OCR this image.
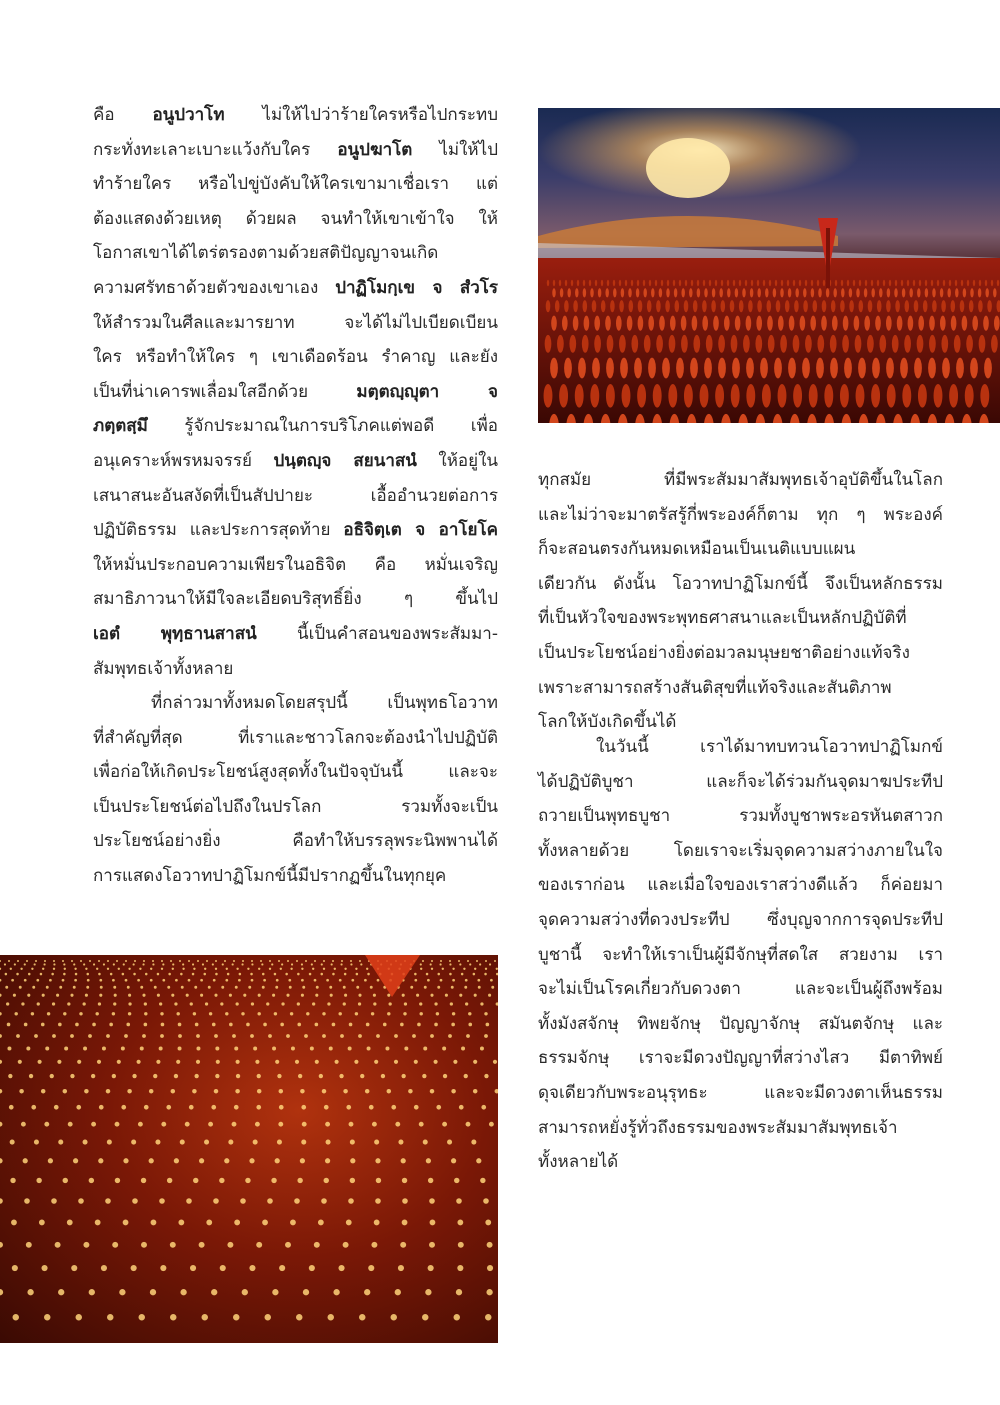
คือ อนูปวาโท ไม่ให้ไปว่าร้ายใครหรือไปกระทบ
กระทั่งทะเลาะเบาะแว้งกับใคร อนูปฆาโต ไม่ให้ไป
ทำร้ายใคร หรือไปขู่บังคับให้ใครเขามาเชื่อเรา แต่
ต้องแสดงด้วยเหตุ ด้วยผล จนทำให้เขาเข้าใจ ให้
โอกาสเขาได้ไตร่ตรองตามด้วยสติปัญญาจนเกิด
ความศรัทธาด้วยตัวของเขาเอง ปาฏิโมกฺเข จ สํวโร
ให้สำรวมในศีลและมารยาท จะได้ไม่ไปเบียดเบียน
ใคร หรือทำให้ใคร ๆ เขาเดือดร้อน รำคาญ และยัง
เป็นที่น่าเคารพเลื่อมใสอีกด้วย มตฺตญฺญุตา จ
ภตฺตสฺมึ รู้จักประมาณในการบริโภคแต่พอดี เพื่อ
อนุเคราะห์พรหมจรรย์ ปนฺตญฺจ สยนาสนํ ให้อยู่ใน
เสนาสนะอันสงัดที่เป็นสัปปายะ เอื้ออำนวยต่อการ
ปฏิบัติธรรม และประการสุดท้าย อธิจิตฺเต จ อาโยโค
ให้หมั่นประกอบความเพียรในอธิจิต คือ หมั่นเจริญ
สมาธิภาวนาให้มีใจละเอียดบริสุทธิ์ยิ่ง ๆ ขึ้นไป
เอตํ พุทฺธานสาสนํ นี้เป็นคำสอนของพระสัมมา-
สัมพุทธเจ้าทั้งหลาย
ที่กล่าวมาทั้งหมดโดยสรุปนี้ เป็นพุทธโอวาท
ที่สำคัญที่สุด ที่เราและชาวโลกจะต้องนำไปปฏิบัติ
เพื่อก่อให้เกิดประโยชน์สูงสุดทั้งในปัจจุบันนี้ และจะ
เป็นประโยชน์ต่อไปถึงในปรโลก รวมทั้งจะเป็น
ประโยชน์อย่างยิ่ง คือทำให้บรรลุพระนิพพานได้
การแสดงโอวาทปาฏิโมกข์นี้มีปรากฏขึ้นในทุกยุค
ทุกสมัย ที่มีพระสัมมาสัมพุทธเจ้าอุบัติขึ้นในโลก
และไม่ว่าจะมาตรัสรู้กี่พระองค์ก็ตาม ทุก ๆ พระองค์
ก็จะสอนตรงกันหมดเหมือนเป็นเนติแบบแผน
เดียวกัน ดังนั้น โอวาทปาฏิโมกข์นี้ จึงเป็นหลักธรรม
ที่เป็นหัวใจของพระพุทธศาสนาและเป็นหลักปฏิบัติที่
เป็นประโยชน์อย่างยิ่งต่อมวลมนุษยชาติอย่างแท้จริง
เพราะสามารถสร้างสันติสุขที่แท้จริงและสันติภาพ
โลกให้บังเกิดขึ้นได้
ในวันนี้ เราได้มาทบทวนโอวาทปาฏิโมกข์
ได้ปฏิบัติบูชา และก็จะได้ร่วมกันจุดมาฆประทีป
ถวายเป็นพุทธบูชา รวมทั้งบูชาพระอรหันตสาวก
ทั้งหลายด้วย โดยเราจะเริ่มจุดความสว่างภายในใจ
ของเราก่อน และเมื่อใจของเราสว่างดีแล้ว ก็ค่อยมา
จุดความสว่างที่ดวงประทีป ซึ่งบุญจากการจุดประทีป
บูชานี้ จะทำให้เราเป็นผู้มีจักษุที่สดใส สวยงาม เรา
จะไม่เป็นโรคเกี่ยวกับดวงตา และจะเป็นผู้ถึงพร้อม
ทั้งมังสจักษุ ทิพยจักษุ ปัญญาจักษุ สมันตจักษุ และ
ธรรมจักษุ เราจะมีดวงปัญญาที่สว่างไสว มีตาทิพย์
ดุจเดียวกับพระอนุรุทธะ และจะมีดวงตาเห็นธรรม
สามารถหยั่งรู้ทั่วถึงธรรมของพระสัมมาสัมพุทธเจ้า
ทั้งหลายได้
